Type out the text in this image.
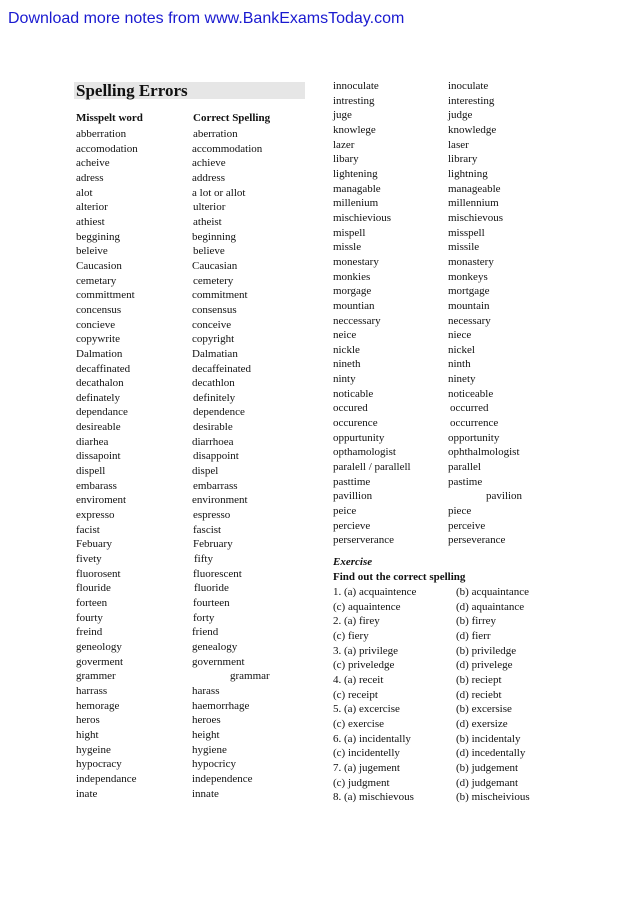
Download more notes from www.BankExamsToday.com
Spelling Errors
Misspelt word	Correct Spelling
abberration
accomodation
acheive
adress
alot
alterior
athiest
beggining
beleive
Caucasion
cemetary
committment
concensus
concieve
copywrite
Dalmation
decaffinated
decathalon
definately
dependance
desireable
diarhea
dissapoint
dispell
embarass
enviroment
expresso
facist
Febuary
fivety
fluorosent
flouride
forteen
fourty
freind
geneology
goverment
grammer
harrass
hemorage
heros
hight
hygeine
hypocracy
independance
inate
aberration
accommodation
achieve
address
a lot or allot
ulterior
atheist
beginning
believe
Caucasian
cemetery
commitment
consensus
conceive
copyright
Dalmatian
decaffeinated
decathlon
definitely
dependence
desirable
diarrhoea
disappoint
dispel
embarrass
environment
espresso
fascist
February
fifty
fluorescent
fluoride
fourteen
forty
friend
genealogy
government
grammar
harass
haemorrhage
heroes
height
hygiene
hypocricy
independence
innate
innoculate
intresting
juge
knowlege
lazer
libary
lightening
managable
millenium
mischievious
mispell
missle
monestary
monkies
morgage
mountian
neccessary
neice
nickle
nineth
ninty
noticable
occured
occurence
oppurtunity
opthamologist
paralell / parallell
pasttime
pavillion
peice
percieve
perserverance
inoculate
interesting
judge
knowledge
laser
library
lightning
manageable
millennium
mischievous
misspell
missile
monastery
monkeys
mortgage
mountain
necessary
niece
nickel
ninth
ninety
noticeable
occurred
occurrence
opportunity
ophthalmologist
parallel
pastime
pavilion
piece
perceive
perseverance
Exercise
Find out the correct spelling
1. (a) acquaintence
(c) aquaintence
2. (a) firey
(c) fiery
3. (a) privilege
(c) priveledge
4. (a) receit
(c) receipt
5. (a) excercise
(c) exercise
6. (a) incidentally
(c) incidentelly
7. (a) jugement
(c) judgment
8. (a) mischievous
(b) acquaintance
(d) aquaintance
(b) firrey
(d) fierr
(b) priviledge
(d) privelege
(b) reciept
(d) reciebt
(b) excersise
(d) exersize
(b) incidentaly
(d) incedentally
(b) judgement
(d) judgemant
(b) mischeivious
